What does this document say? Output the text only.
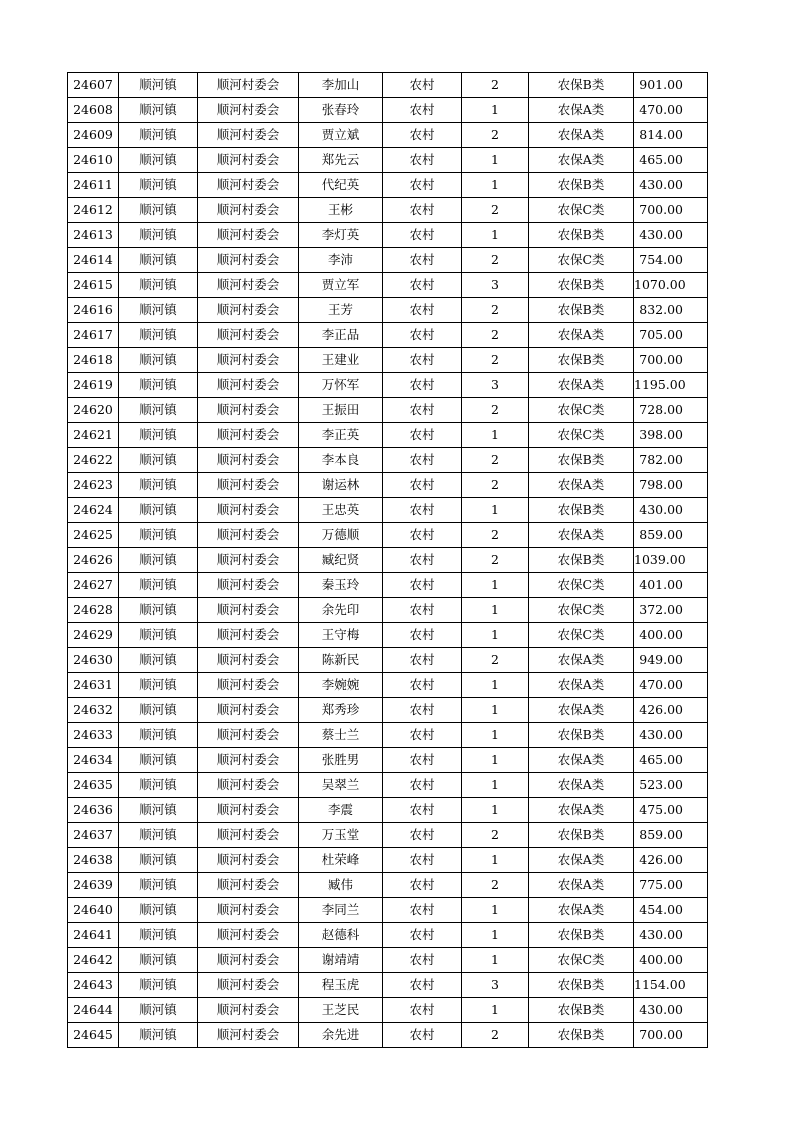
24607	顺河镇	顺河村委会	李加山	农村	2	农保B类	901.00
24608	顺河镇	顺河村委会	张春玲	农村	1	农保A类	470.00
24609	顺河镇	顺河村委会	贾立斌	农村	2	农保A类	814.00
24610	顺河镇	顺河村委会	郑先云	农村	1	农保A类	465.00
24611	顺河镇	顺河村委会	代纪英	农村	1	农保B类	430.00
24612	顺河镇	顺河村委会	王彬	农村	2	农保C类	700.00
24613	顺河镇	顺河村委会	李灯英	农村	1	农保B类	430.00
24614	顺河镇	顺河村委会	李沛	农村	2	农保C类	754.00
24615	顺河镇	顺河村委会	贾立军	农村	3	农保B类	1070.00
24616	顺河镇	顺河村委会	王芳	农村	2	农保B类	832.00
24617	顺河镇	顺河村委会	李正品	农村	2	农保A类	705.00
24618	顺河镇	顺河村委会	王建业	农村	2	农保B类	700.00
24619	顺河镇	顺河村委会	万怀军	农村	3	农保A类	1195.00
24620	顺河镇	顺河村委会	王振田	农村	2	农保C类	728.00
24621	顺河镇	顺河村委会	李正英	农村	1	农保C类	398.00
24622	顺河镇	顺河村委会	李本良	农村	2	农保B类	782.00
24623	顺河镇	顺河村委会	谢运林	农村	2	农保A类	798.00
24624	顺河镇	顺河村委会	王忠英	农村	1	农保B类	430.00
24625	顺河镇	顺河村委会	万德顺	农村	2	农保A类	859.00
24626	顺河镇	顺河村委会	臧纪贤	农村	2	农保B类	1039.00
24627	顺河镇	顺河村委会	秦玉玲	农村	1	农保C类	401.00
24628	顺河镇	顺河村委会	余先印	农村	1	农保C类	372.00
24629	顺河镇	顺河村委会	王守梅	农村	1	农保C类	400.00
24630	顺河镇	顺河村委会	陈新民	农村	2	农保A类	949.00
24631	顺河镇	顺河村委会	李婉婉	农村	1	农保A类	470.00
24632	顺河镇	顺河村委会	郑秀珍	农村	1	农保A类	426.00
24633	顺河镇	顺河村委会	蔡士兰	农村	1	农保B类	430.00
24634	顺河镇	顺河村委会	张胜男	农村	1	农保A类	465.00
24635	顺河镇	顺河村委会	吴翠兰	农村	1	农保A类	523.00
24636	顺河镇	顺河村委会	李震	农村	1	农保A类	475.00
24637	顺河镇	顺河村委会	万玉堂	农村	2	农保B类	859.00
24638	顺河镇	顺河村委会	杜荣峰	农村	1	农保A类	426.00
24639	顺河镇	顺河村委会	臧伟	农村	2	农保A类	775.00
24640	顺河镇	顺河村委会	李同兰	农村	1	农保A类	454.00
24641	顺河镇	顺河村委会	赵德科	农村	1	农保B类	430.00
24642	顺河镇	顺河村委会	谢靖靖	农村	1	农保C类	400.00
24643	顺河镇	顺河村委会	程玉虎	农村	3	农保B类	1154.00
24644	顺河镇	顺河村委会	王芝民	农村	1	农保B类	430.00
24645	顺河镇	顺河村委会	余先进	农村	2	农保B类	700.00
